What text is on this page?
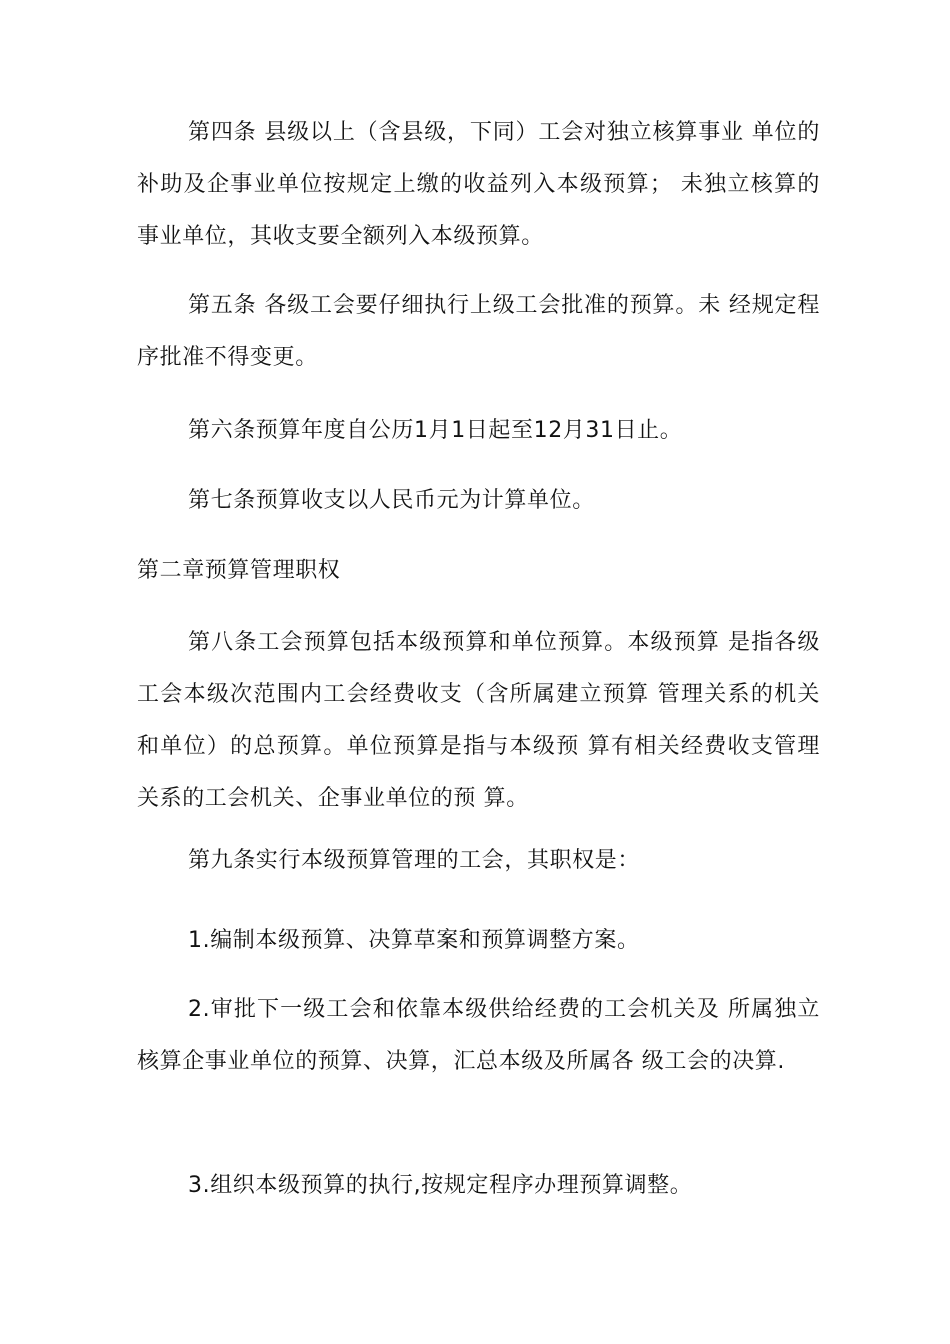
第四条 县级以上（含县级，下同）工会对独立核算事业 单位的补助及企事业单位按规定上缴的收益列入本级预算； 未独立核算的事业单位，其收支要全额列入本级预算。

第五条 各级工会要仔细执行上级工会批准的预算。未 经规定程序批准不得变更。

第六条预算年度自公历1月1日起至12月31日止。

第七条预算收支以人民币元为计算单位。

第二章预算管理职权

第八条工会预算包括本级预算和单位预算。本级预算 是指各级工会本级次范围内工会经费收支（含所属建立预算 管理关系的机关和单位）的总预算。单位预算是指与本级预 算有相关经费收支管理关系的工会机关、企事业单位的预 算。

第九条实行本级预算管理的工会，其职权是：

1.编制本级预算、决算草案和预算调整方案。

2.审批下一级工会和依靠本级供给经费的工会机关及 所属独立核算企事业单位的预算、决算，汇总本级及所属各 级工会的决算.

3.组织本级预算的执行,按规定程序办理预算调整。
